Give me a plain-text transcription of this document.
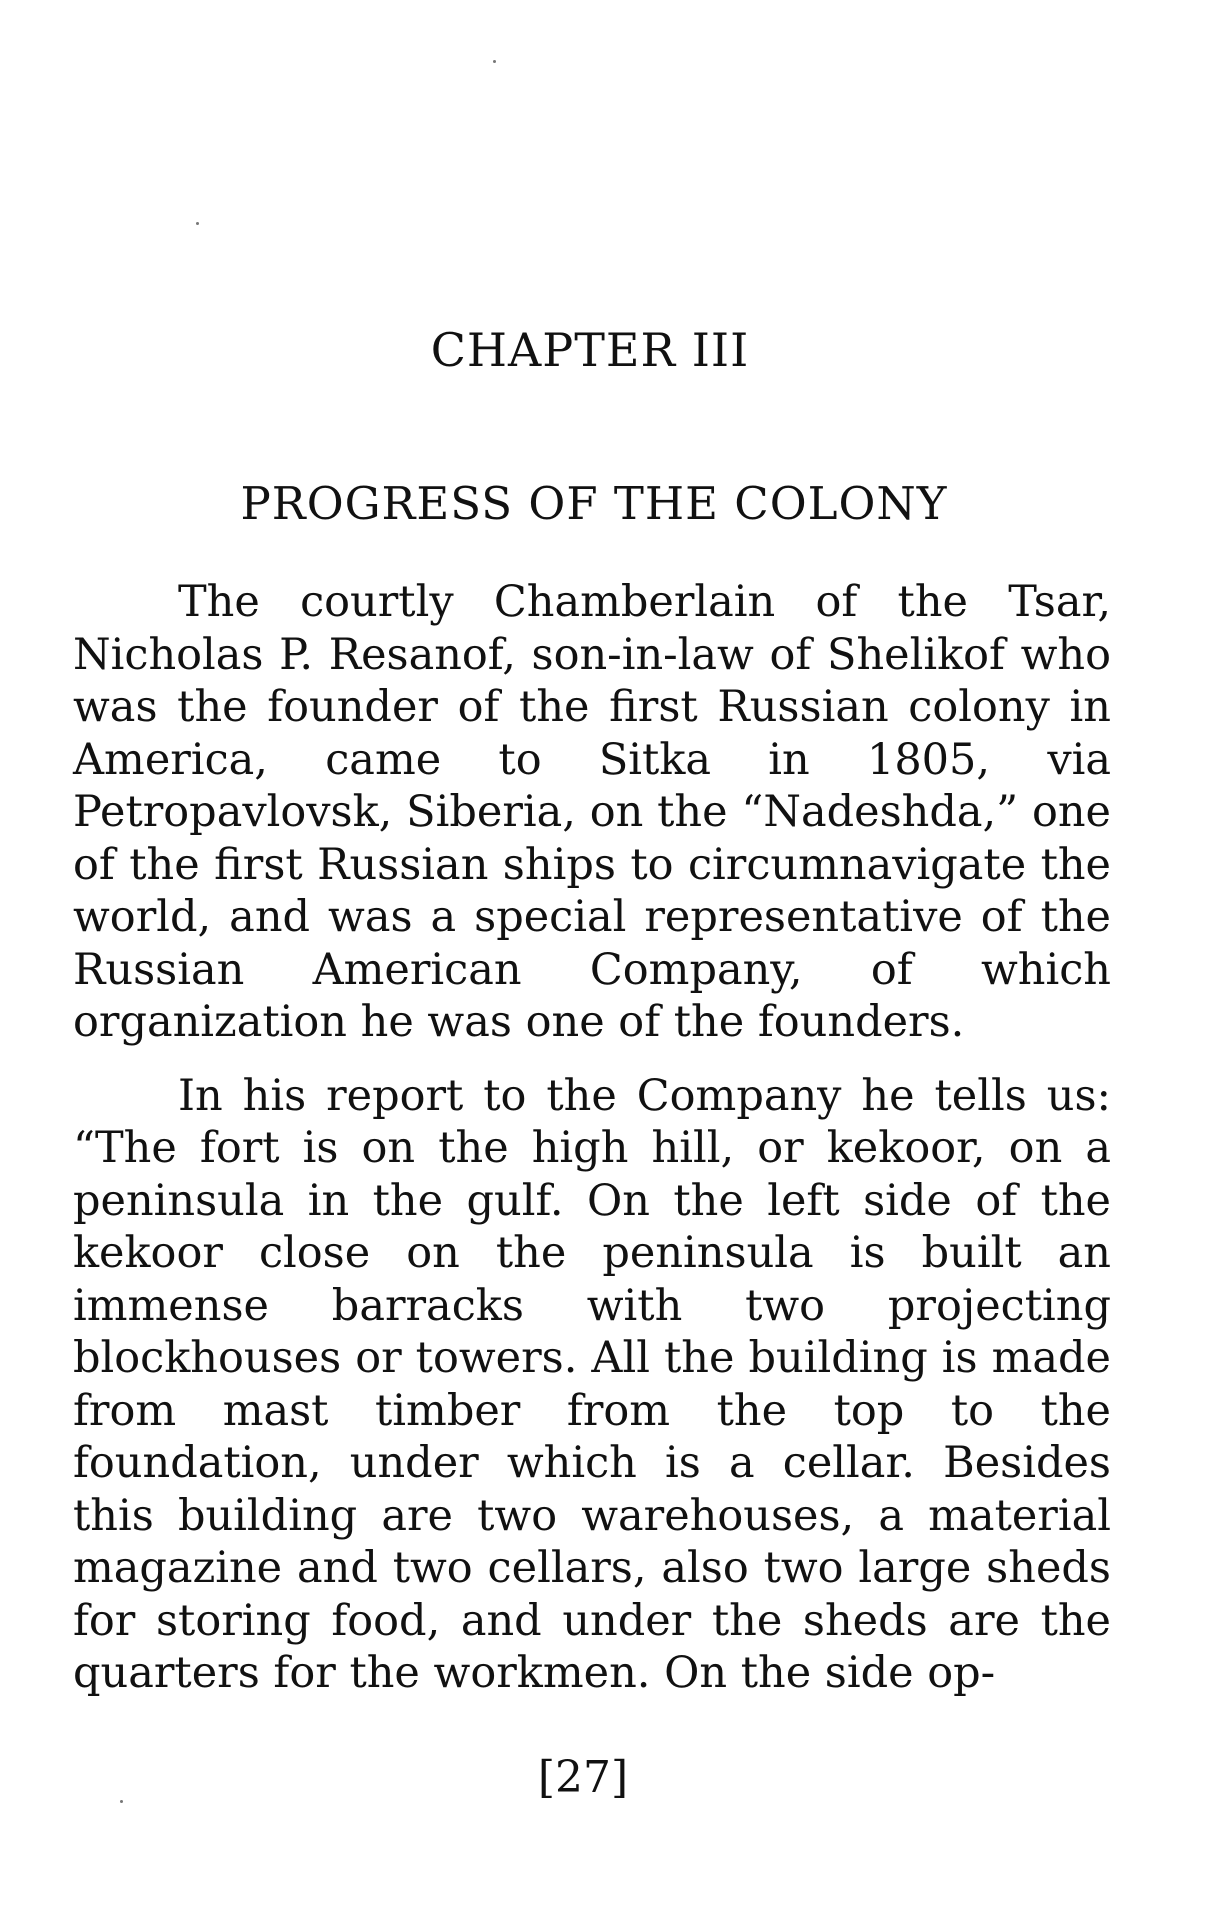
CHAPTER III
PROGRESS OF THE COLONY

The courtly Chamberlain of the Tsar, Nicholas P. Resanof, son-in-law of Shelikof who was the founder of the first Russian colony in America, came to Sitka in 1805, via Petropavlovsk, Siberia, on the “Nadeshda,” one of the first Russian ships to circumnavigate the world, and was a special representative of the Russian American Company, of which organization he was one of the founders.

In his report to the Company he tells us: “The fort is on the high hill, or kekoor, on a peninsula in the gulf. On the left side of the kekoor close on the peninsula is built an immense barracks with two projecting blockhouses or towers. All the building is made from mast timber from the top to the foundation, under which is a cellar. Besides this building are two warehouses, a material magazine and two cellars, also two large sheds for storing food, and under the sheds are the quarters for the workmen. On the side op-

[27]
